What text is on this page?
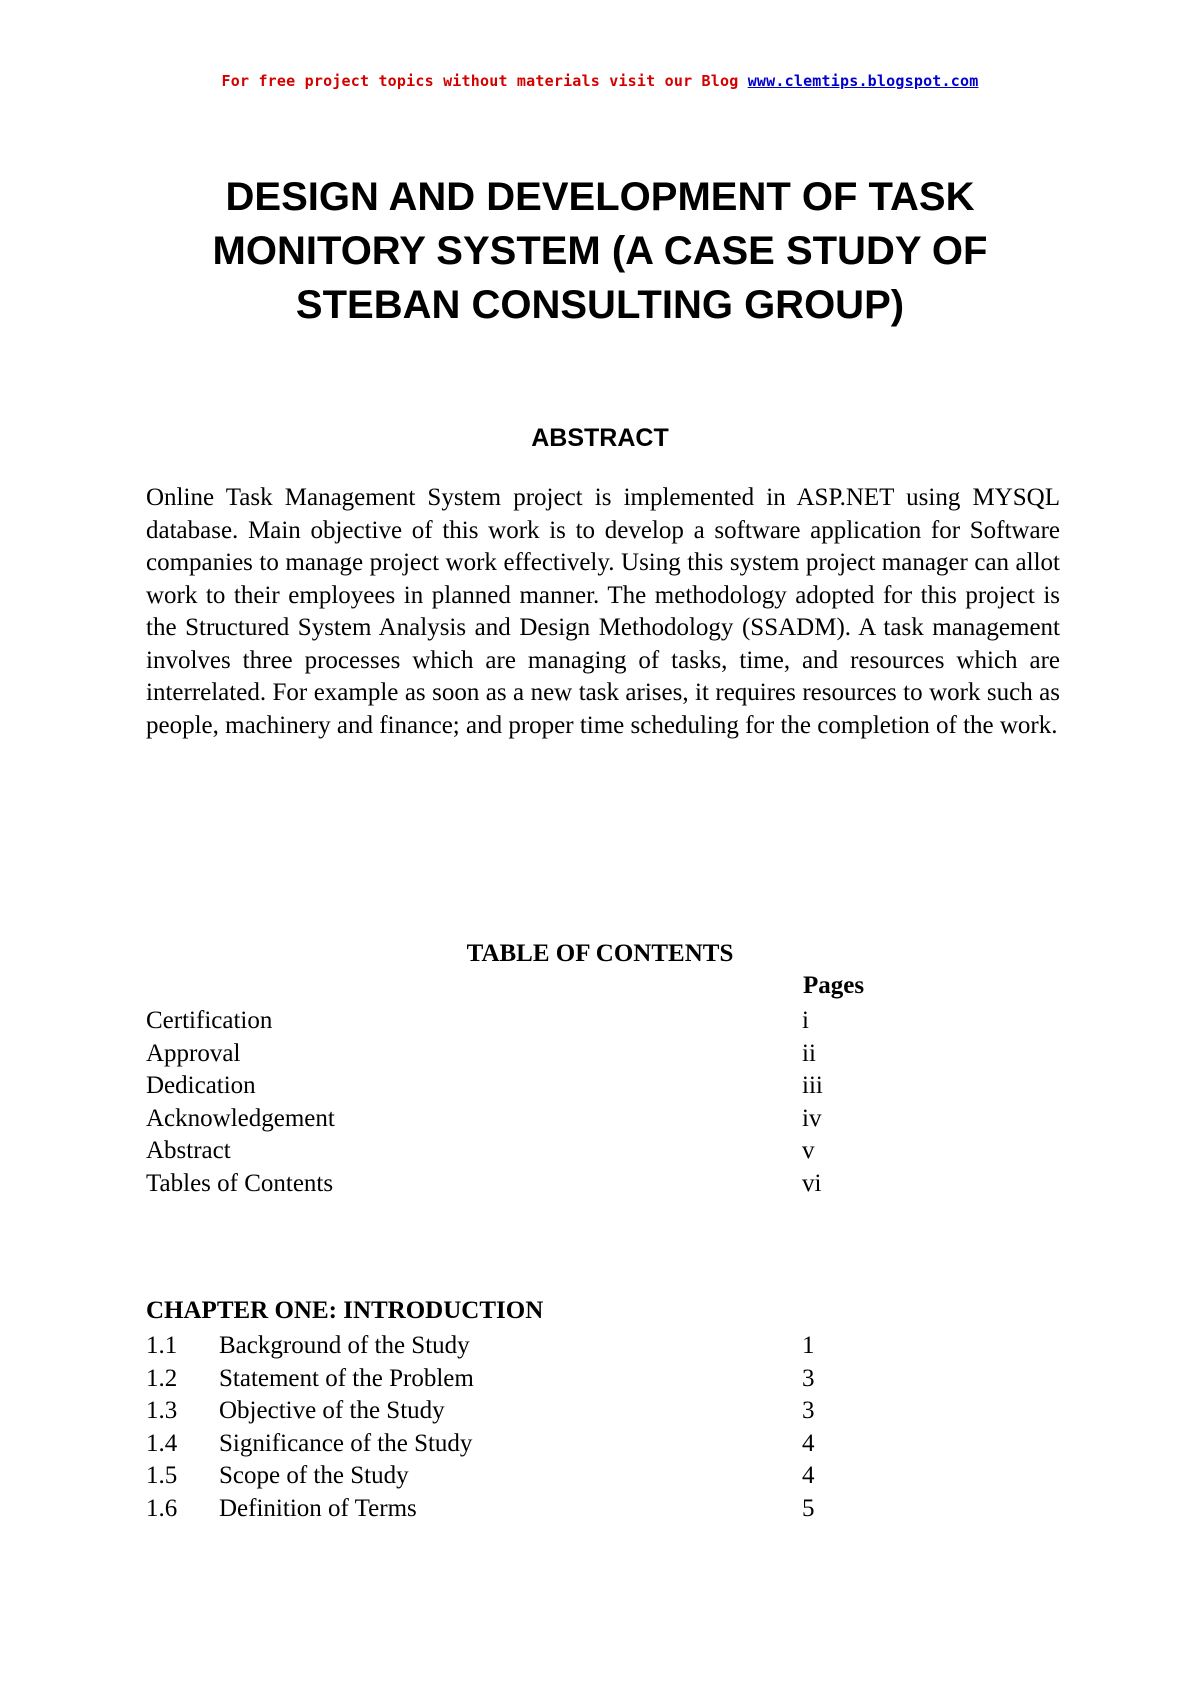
For free project topics without materials visit our Blog www.clemtips.blogspot.com
DESIGN AND DEVELOPMENT OF TASK
MONITORY SYSTEM (A CASE STUDY OF
STEBAN CONSULTING GROUP)
ABSTRACT
Online Task Management System project is implemented in ASP.NET using MYSQL database. Main objective of this work is to develop a software application for Software companies to manage project work effectively. Using this system project manager can allot work to their employees in planned manner. The methodology adopted for this project is the Structured System Analysis and Design Methodology (SSADM). A task management involves three processes which are managing of tasks, time, and resources which are interrelated. For example as soon as a new task arises, it requires resources to work such as people, machinery and finance; and proper time scheduling for the completion of the work.
TABLE OF CONTENTS
Pages
Certification	i
Approval	ii
Dedication	iii
Acknowledgement	iv
Abstract	v
Tables of Contents	vi
CHAPTER ONE: INTRODUCTION
1.1 Background of the Study	1
1.2 Statement of the Problem	3
1.3 Objective of the Study	3
1.4 Significance of the Study	4
1.5 Scope of the Study	4
1.6 Definition of Terms	5
